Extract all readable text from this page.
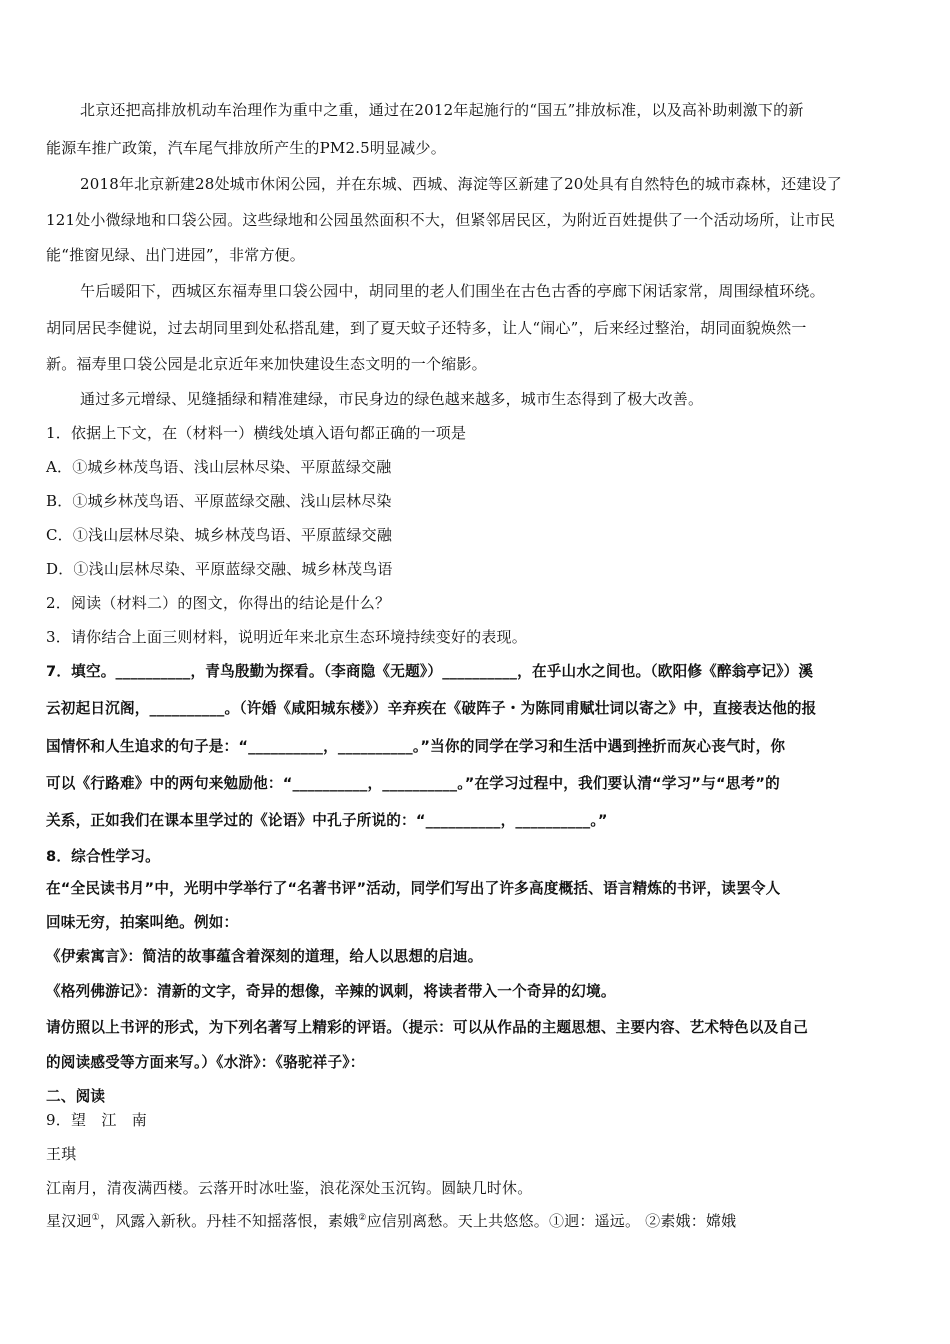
北京还把高排放机动车治理作为重中之重，通过在2012年起施行的“国五”排放标准，以及高补助刺激下的新

能源车推广政策，汽车尾气排放所产生的PM2.5明显减少。

2018年北京新建28处城市休闲公园，并在东城、西城、海淀等区新建了20处具有自然特色的城市森林，还建设了

121处小微绿地和口袋公园。这些绿地和公园虽然面积不大，但紧邻居民区，为附近百姓提供了一个活动场所，让市民

能“推窗见绿、出门进园”，非常方便。

午后暖阳下，西城区东福寿里口袋公园中，胡同里的老人们围坐在古色古香的亭廊下闲话家常，周围绿植环绕。

胡同居民李健说，过去胡同里到处私搭乱建，到了夏天蚊子还特多，让人“闹心”，后来经过整治，胡同面貌焕然一

新。福寿里口袋公园是北京近年来加快建设生态文明的一个缩影。

通过多元增绿、见缝插绿和精准建绿，市民身边的绿色越来越多，城市生态得到了极大改善。

1．依据上下文，在（材料一）横线处填入语句都正确的一项是

A．①城乡林茂鸟语、浅山层林尽染、平原蓝绿交融

B．①城乡林茂鸟语、平原蓝绿交融、浅山层林尽染

C．①浅山层林尽染、城乡林茂鸟语、平原蓝绿交融

D．①浅山层林尽染、平原蓝绿交融、城乡林茂鸟语

2．阅读（材料二）的图文，你得出的结论是什么？

3．请你结合上面三则材料，说明近年来北京生态环境持续变好的表现。

7．填空。__________，青鸟殷勤为探看。（李商隐《无题》）__________，在乎山水之间也。（欧阳修《醉翁亭记》）溪

云初起日沉阁，__________。（许婚《咸阳城东楼》）辛弃疾在《破阵子・为陈同甫赋壮词以寄之》中，直接表达他的报

国情怀和人生追求的句子是：“__________，__________。”当你的同学在学习和生活中遇到挫折而灰心丧气时，你

可以《行路难》中的两句来勉励他：“__________，__________。”在学习过程中，我们要认清“学习”与“思考”的

关系，正如我们在课本里学过的《论语》中孔子所说的：“__________，__________。”

8．综合性学习。

在“全民读书月”中，光明中学举行了“名著书评”活动，同学们写出了许多高度概括、语言精炼的书评，读罢令人

回味无穷，拍案叫绝。例如：

《伊索寓言》：简洁的故事蕴含着深刻的道理，给人以思想的启迪。

《格列佛游记》：清新的文字，奇异的想像，辛辣的讽刺，将读者带入一个奇异的幻境。

请仿照以上书评的形式，为下列名著写上精彩的评语。（提示：可以从作品的主题思想、主要内容、艺术特色以及自己

的阅读感受等方面来写。）《水浒》：《骆驼祥子》：

二、阅读

9．望　江　南

王琪

江南月，清夜满西楼。云落开时冰吐鉴，浪花深处玉沉钩。圆缺几时休。

星汉迥①，风露入新秋。丹桂不知摇落恨，素娥②应信别离愁。天上共悠悠。①迥：遥远。 ②素娥：嫦娥
